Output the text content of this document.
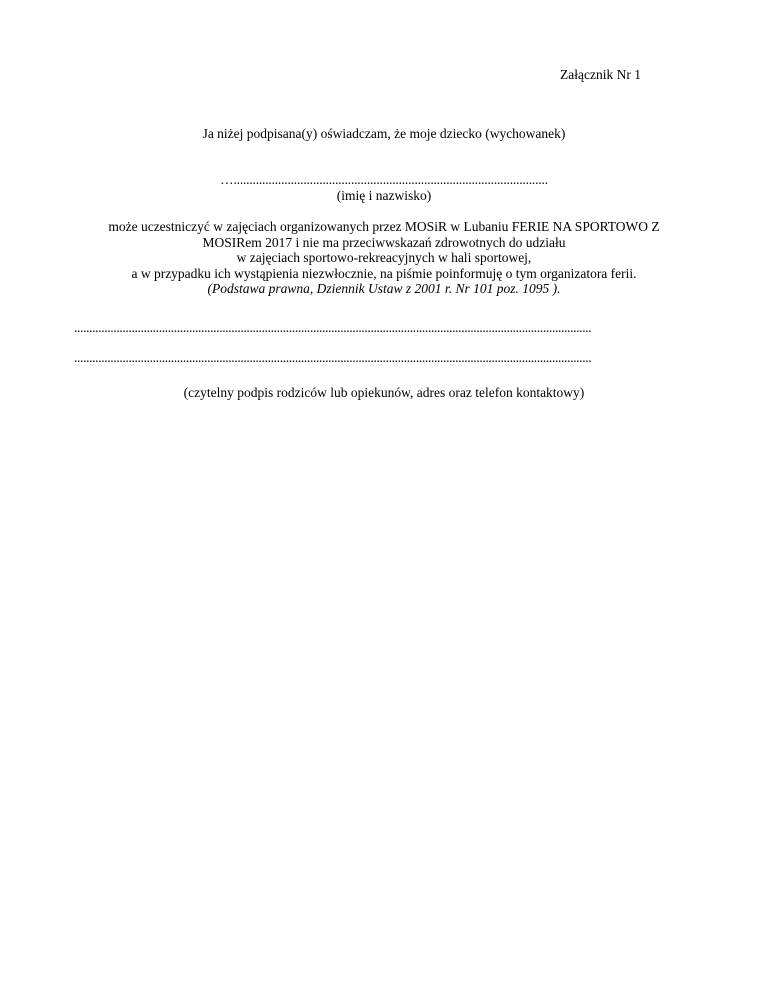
Załącznik Nr 1
Ja niżej podpisana(y) oświadczam, że moje dziecko (wychowanek)
…...................................................................................................
(imię i nazwisko)
może uczestniczyć w zajęciach organizowanych przez MOSiR w Lubaniu FERIE NA SPORTOWO Z
MOSIRem 2017 i nie ma przeciwwskazań zdrowotnych do udziału
w zajęciach sportowo-rekreacyjnych w hali sportowej,
a w przypadku ich wystąpienia niezwłocznie, na piśmie poinformuję o tym organizatora ferii.
(Podstawa prawna, Dziennik Ustaw z 2001 r. Nr 101 poz. 1095 ).
...........................................................................................................................................................................
...........................................................................................................................................................................
(czytelny podpis rodziców lub opiekunów, adres oraz telefon kontaktowy)
